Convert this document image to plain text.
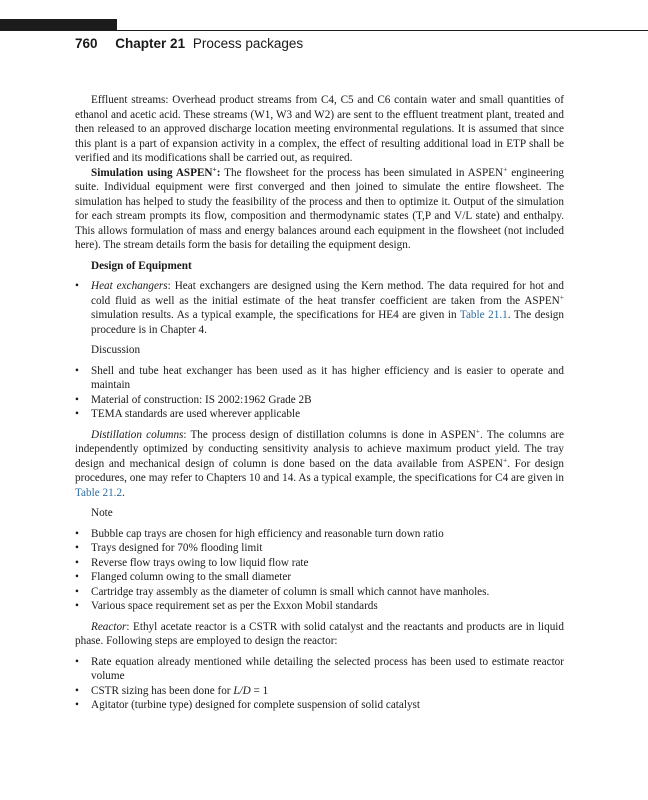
760 Chapter 21 Process packages

Effluent streams: Overhead product streams from C4, C5 and C6 contain water and small quantities of ethanol and acetic acid. These streams (W1, W3 and W2) are sent to the effluent treatment plant, treated and then released to an approved discharge location meeting environmental regulations. It is assumed that since this plant is a part of expansion activity in a complex, the effect of resulting additional load in ETP shall be verified and its modifications shall be carried out, as required.

Simulation using ASPEN+: The flowsheet for the process has been simulated in ASPEN+ engineering suite. Individual equipment were first converged and then joined to simulate the entire flowsheet. The simulation has helped to study the feasibility of the process and then to optimize it. Output of the simulation for each stream prompts its flow, composition and thermodynamic states (T,P and V/L state) and enthalpy. This allows formulation of mass and energy balances around each equipment in the flowsheet (not included here). The stream details form the basis for detailing the equipment design.

Design of Equipment

• Heat exchangers: Heat exchangers are designed using the Kern method. The data required for hot and cold fluid as well as the initial estimate of the heat transfer coefficient are taken from the ASPEN+ simulation results. As a typical example, the specifications for HE4 are given in Table 21.1. The design procedure is in Chapter 4.

Discussion

• Shell and tube heat exchanger has been used as it has higher efficiency and is easier to operate and maintain
• Material of construction: IS 2002:1962 Grade 2B
• TEMA standards are used wherever applicable

Distillation columns: The process design of distillation columns is done in ASPEN+. The columns are independently optimized by conducting sensitivity analysis to achieve maximum product yield. The tray design and mechanical design of column is done based on the data available from ASPEN+. For design procedures, one may refer to Chapters 10 and 14. As a typical example, the specifications for C4 are given in Table 21.2.

Note

• Bubble cap trays are chosen for high efficiency and reasonable turn down ratio
• Trays designed for 70% flooding limit
• Reverse flow trays owing to low liquid flow rate
• Flanged column owing to the small diameter
• Cartridge tray assembly as the diameter of column is small which cannot have manholes.
• Various space requirement set as per the Exxon Mobil standards

Reactor: Ethyl acetate reactor is a CSTR with solid catalyst and the reactants and products are in liquid phase. Following steps are employed to design the reactor:

• Rate equation already mentioned while detailing the selected process has been used to estimate reactor volume
• CSTR sizing has been done for L/D = 1
• Agitator (turbine type) designed for complete suspension of solid catalyst
